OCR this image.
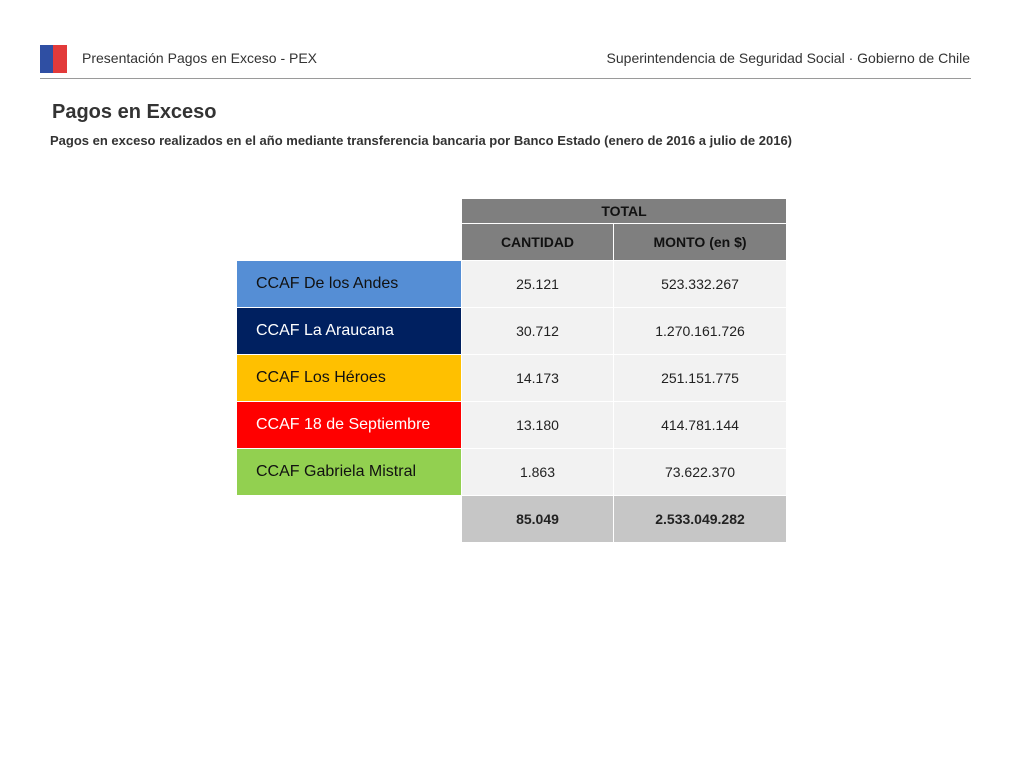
Presentación Pagos en Exceso - PEX	Superintendencia de Seguridad Social · Gobierno de Chile
Pagos en Exceso
Pagos en exceso realizados en el año mediante transferencia bancaria por Banco Estado (enero de 2016 a julio de 2016)
	TOTAL	
	CANTIDAD	MONTO (en $)
CCAF De los Andes	25.121	523.332.267
CCAF La Araucana	30.712	1.270.161.726
CCAF Los Héroes	14.173	251.151.775
CCAF 18 de Septiembre	13.180	414.781.144
CCAF Gabriela Mistral	1.863	73.622.370
	85.049	2.533.049.282
